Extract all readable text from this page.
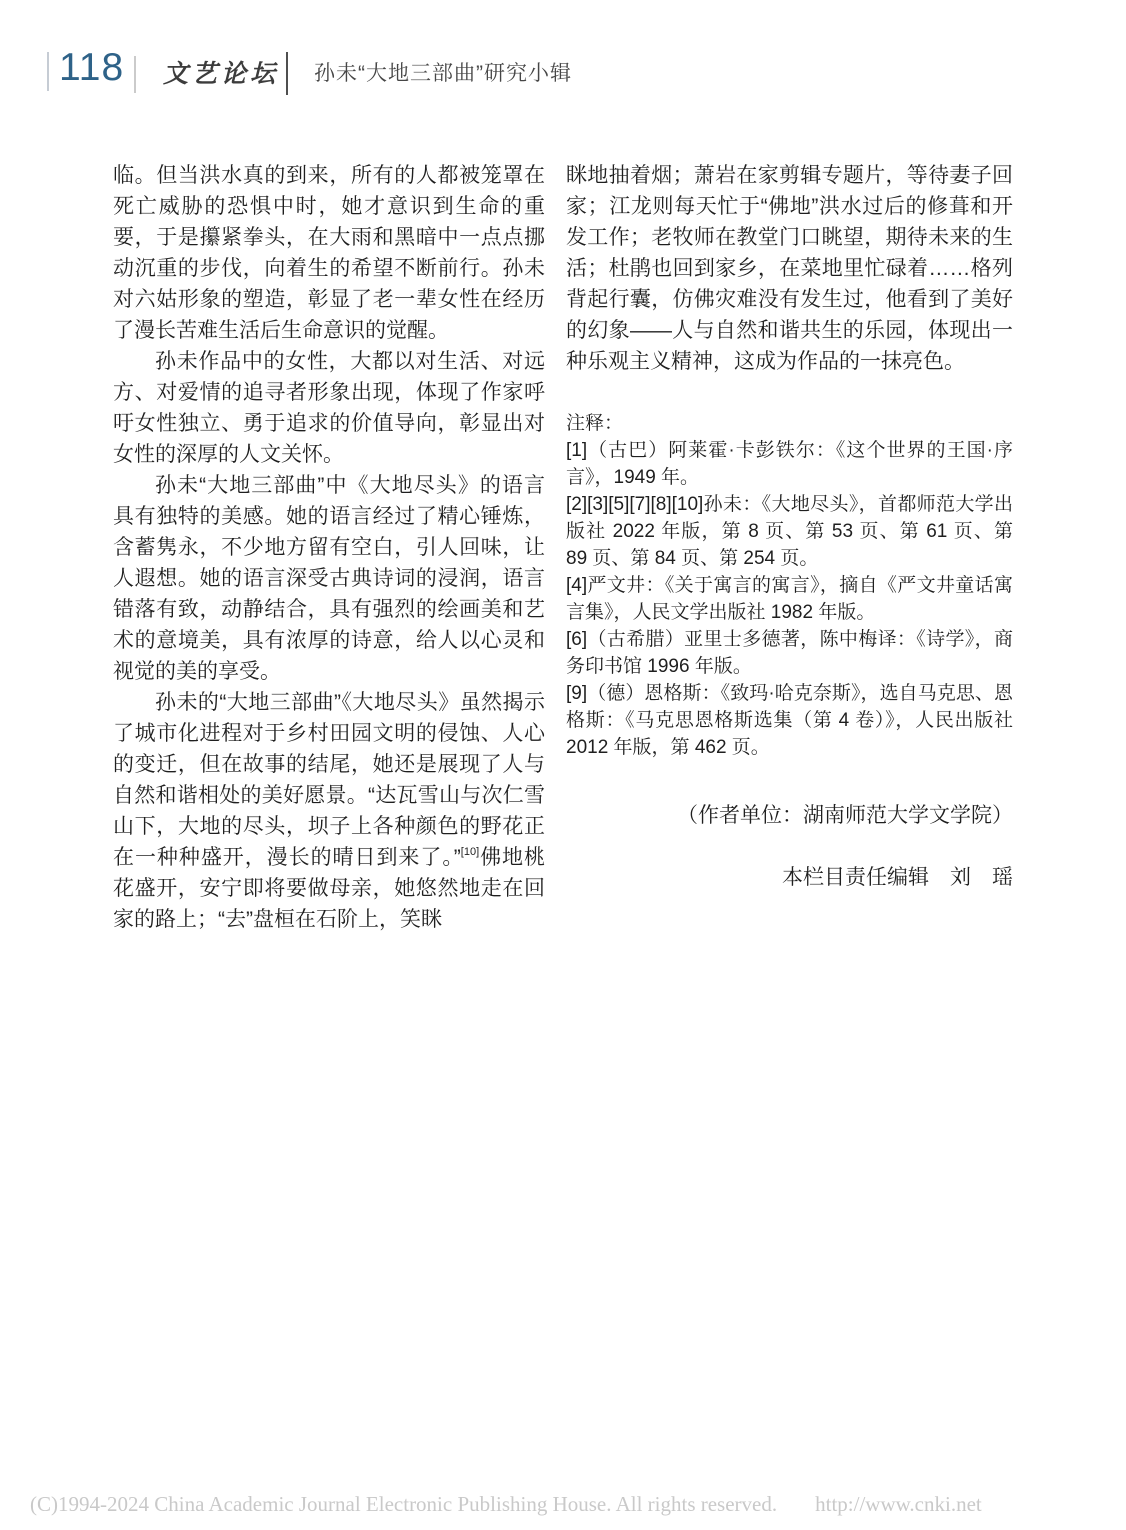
118 文艺论坛 孙未“大地三部曲”研究小辑

临。但当洪水真的到来，所有的人都被笼罩在死亡威胁的恐惧中时，她才意识到生命的重要，于是攥紧拳头，在大雨和黑暗中一点点挪动沉重的步伐，向着生的希望不断前行。孙未对六姑形象的塑造，彰显了老一辈女性在经历了漫长苦难生活后生命意识的觉醒。

孙未作品中的女性，大都以对生活、对远方、对爱情的追寻者形象出现，体现了作家呼吁女性独立、勇于追求的价值导向，彰显出对女性的深厚的人文关怀。

孙未“大地三部曲”中《大地尽头》的语言具有独特的美感。她的语言经过了精心锤炼，含蓄隽永，不少地方留有空白，引人回味，让人遐想。她的语言深受古典诗词的浸润，语言错落有致，动静结合，具有强烈的绘画美和艺术的意境美，具有浓厚的诗意，给人以心灵和视觉的美的享受。

孙未的“大地三部曲”《大地尽头》虽然揭示了城市化进程对于乡村田园文明的侵蚀、人心的变迁，但在故事的结尾，她还是展现了人与自然和谐相处的美好愿景。“达瓦雪山与次仁雪山下，大地的尽头，坝子上各种颜色的野花正在一种种盛开，漫长的晴日到来了。”[10]佛地桃花盛开，安宁即将要做母亲，她悠然地走在回家的路上；“去”盘桓在石阶上，笑眯

眯地抽着烟；萧岩在家剪辑专题片，等待妻子回家；江龙则每天忙于“佛地”洪水过后的修葺和开发工作；老牧师在教堂门口眺望，期待未来的生活；杜鹃也回到家乡，在菜地里忙碌着……格列背起行囊，仿佛灾难没有发生过，他看到了美好的幻象——人与自然和谐共生的乐园，体现出一种乐观主义精神，这成为作品的一抹亮色。

注释：

[1]（古巴）阿莱霍·卡彭铁尔：《这个世界的王国·序言》，1949 年。

[2][3][5][7][8][10]孙未：《大地尽头》，首都师范大学出版社 2022 年版，第 8 页、第 53 页、第 61 页、第 89 页、第 84 页、第 254 页。

[4]严文井：《关于寓言的寓言》，摘自《严文井童话寓言集》，人民文学出版社 1982 年版。

[6]（古希腊）亚里士多德著，陈中梅译：《诗学》，商务印书馆 1996 年版。

[9]（德）恩格斯：《致玛·哈克奈斯》，选自马克思、恩格斯：《马克思恩格斯选集（第 4 卷）》，人民出版社 2012 年版，第 462 页。

（作者单位：湖南师范大学文学院）

本栏目责任编辑　刘　瑶

(C)1994-2024 China Academic Journal Electronic Publishing House. All rights reserved. http://www.cnki.net
